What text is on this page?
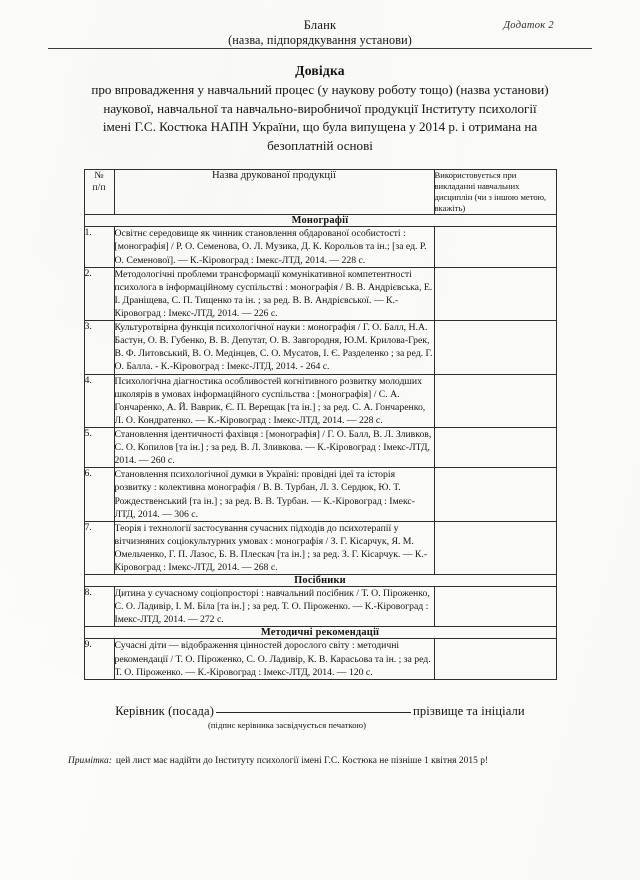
Бланк
(назва, підпорядкування установи)
Додаток 2
Довідка
про впровадження у навчальний процес (у наукову роботу тощо) (назва установи)
наукової, навчальної та навчально-виробничої продукції Інституту психології
імені Г.С. Костюка НАПН України, що була випущена у 2014 р. і отримана на
безоплатній основі
№
п/п	Назва друкованої продукції	Використовується при викладанні навчальних дисциплін (чи з іншою метою, вкажіть)
Монографії		
1.	Освітнє середовище як чинник становлення обдарованої особистості : [монографія] / Р. О. Семенова, О. Л. Музика, Д. К. Корольов та ін.; [за ед. Р. О. Семенової]. — К.-Кіровоград : Імекс-ЛТД, 2014. — 228 с.	
2.	Методологічні проблеми трансформації комунікативної компетентності психолога в інформаційному суспільстві : монографія / В. В. Андрієвська, Е. І. Драніщева, С. П. Тищенко та ін. ; за ред. В. В. Андрієвської. — К.-Кіровоград : Імекс-ЛТД, 2014. — 226 с.	
3.	Культуротвірна функція психологічної науки : монографія / Г. О. Балл, Н.А. Бастун, О. В. Губенко, В. В. Депутат, О. В. Завгородня, Ю.М. Крилова-Грек, В. Ф. Литовський, В. О. Медінцев, С. О. Мусатов, І. Є. Разделенко ; за ред. Г. О. Балла. - К.-Кіровоград : Імекс-ЛТД, 2014. - 264 с.	
4.	Психологічна діагностика особливостей когнітивного розвитку молодших школярів в умовах інформаційного суспільства : [монографія] / С. А. Гончаренко, А. Й. Ваврик, Є. П. Верещак [та ін.] ; за ред. С. А. Гончаренко, Л. О. Кондратенко. — К.-Кіровоград : Імекс-ЛТД, 2014. — 228 с.	
5.	Становлення ідентичності фахівця : [монографія] / Г. О. Балл, В. Л. Зливков, С. О. Копилов [та ін.] ; за ред. В. Л. Зливкова. — К.-Кіровоград : Імекс-ЛТД, 2014. — 260 с.	
6.	Становлення психологічної думки в Україні: провідні ідеї та історія розвитку : колективна монографія / В. В. Турбан, Л. З. Сердюк, Ю. Т. Рождественський [та ін.] ; за ред. В. В. Турбан. — К.-Кіровоград : Імекс-ЛТД, 2014. — 306 с.	
7.	Теорія і технології застосування сучасних підходів до психотерапії у вітчизняних соціокультурних умовах : монографія / З. Г. Кісарчук, Я. М. Омельченко, Г. П. Лазос, Б. В. Плескач [та ін.] ; за ред. З. Г. Кісарчук. — К.-Кіровоград : Імекс-ЛТД, 2014. — 268 с.	
Посібники		
8.	Дитина у сучасному соціопросторі : навчальний посібник / Т. О. Піроженко, С. О. Ладивір, І. М. Біла [та ін.] ; за ред. Т. О. Піроженко. — К.-Кіровоград : Імекс-ЛТД, 2014. — 272 с.	
Методичні рекомендації		
9.	Сучасні діти — відображення цінностей дорослого світу : методичні рекомендації / Т. О. Піроженко, С. О. Ладивір, К. В. Карасьова та ін. ; за ред. Т. О. Піроженко. — К.-Кіровоград : Імекс-ЛТД, 2014. — 120 с.	
Керівник (посада)	прізвище та ініціали
(підпис керівника засвідчується печаткою)
Примітка: цей лист має надійти до Інституту психології імені Г.С. Костюка не пізніше 1 квітня 2015 р!
